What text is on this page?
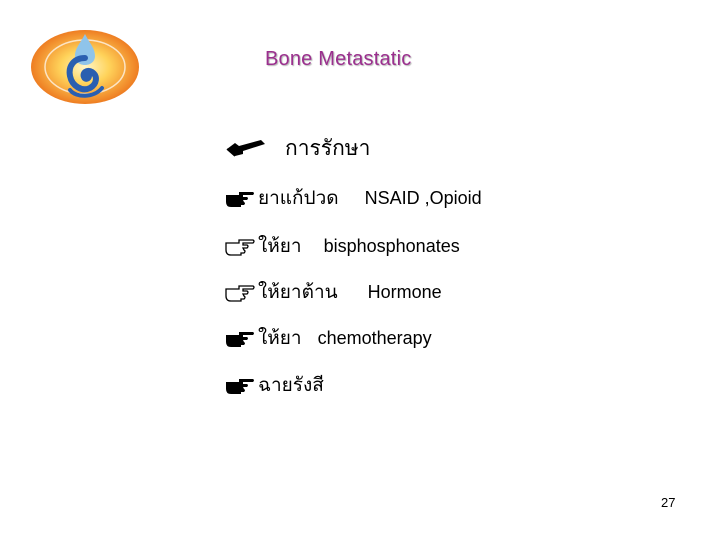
Bone Metastatic
การรักษา
ยาแก้ปวด NSAID ,Opioid
ให้ยา bisphosphonates
ให้ยาต้าน Hormone
ให้ยา chemotherapy
ฉายรังสี
27
